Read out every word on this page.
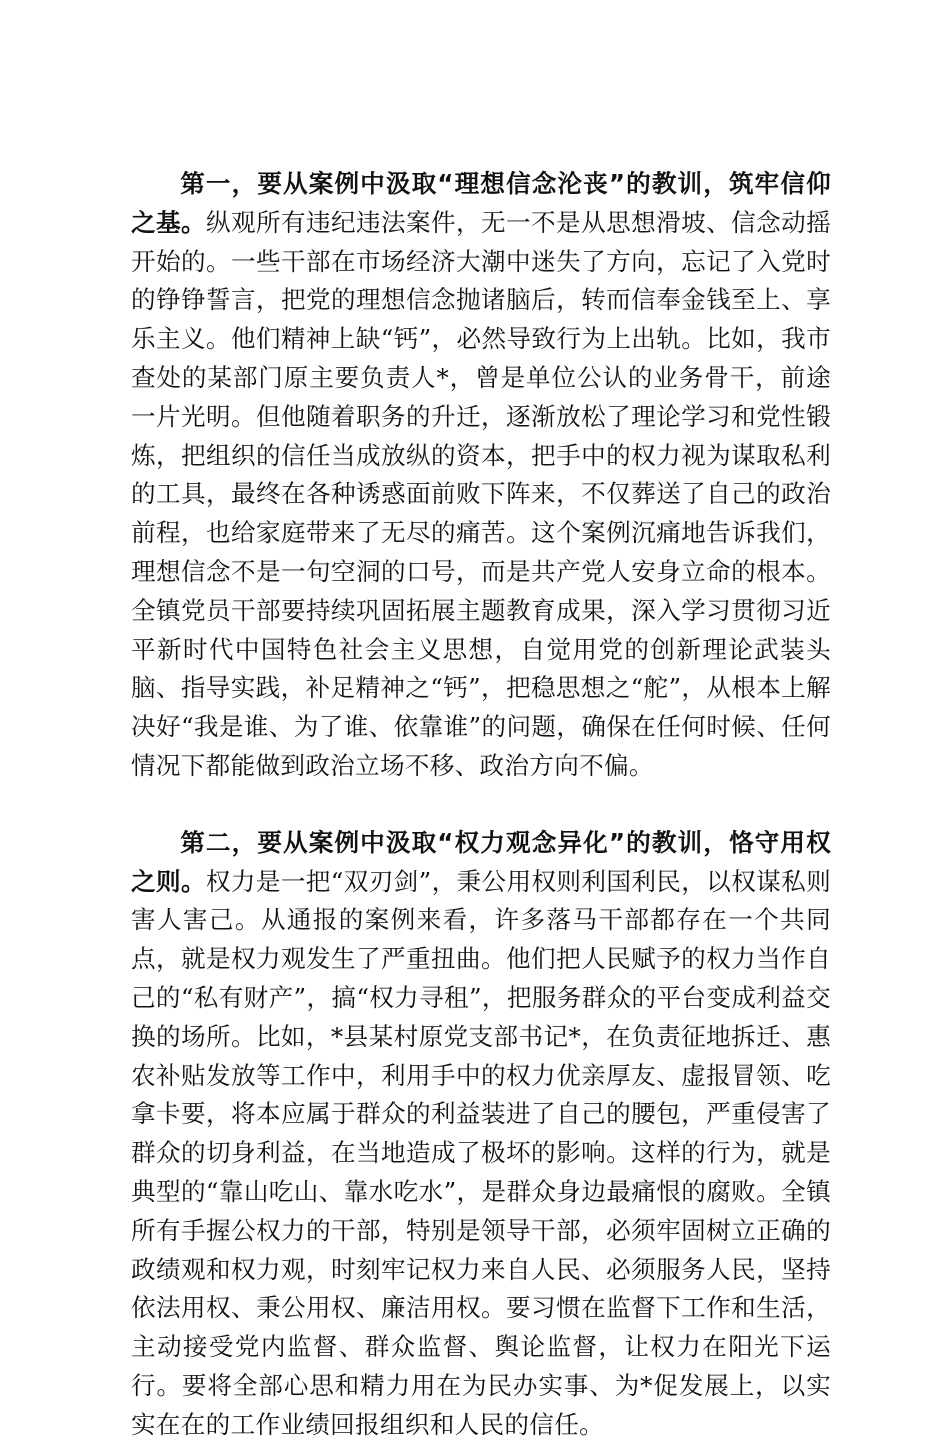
第一，要从案例中汲取“理想信念沦丧”的教训，筑牢信仰之基。纵观所有违纪违法案件，无一不是从思想滑坡、信念动摇开始的。一些干部在市场经济大潮中迷失了方向，忘记了入党时的铮铮誓言，把党的理想信念抛诸脑后，转而信奉金钱至上、享乐主义。他们精神上缺“钙”，必然导致行为上出轨。比如，我市查处的某部门原主要负责人*，曾是单位公认的业务骨干，前途一片光明。但他随着职务的升迁，逐渐放松了理论学习和党性锻炼，把组织的信任当成放纵的资本，把手中的权力视为谋取私利的工具，最终在各种诱惑面前败下阵来，不仅葬送了自己的政治前程，也给家庭带来了无尽的痛苦。这个案例沉痛地告诉我们，理想信念不是一句空洞的口号，而是共产党人安身立命的根本。全镇党员干部要持续巩固拓展主题教育成果，深入学习贯彻习近平新时代中国特色社会主义思想，自觉用党的创新理论武装头脑、指导实践，补足精神之“钙”，把稳思想之“舵”，从根本上解决好“我是谁、为了谁、依靠谁”的问题，确保在任何时候、任何情况下都能做到政治立场不移、政治方向不偏。

第二，要从案例中汲取“权力观念异化”的教训，恪守用权之则。权力是一把“双刃剑”，秉公用权则利国利民，以权谋私则害人害己。从通报的案例来看，许多落马干部都存在一个共同点，就是权力观发生了严重扭曲。他们把人民赋予的权力当作自己的“私有财产”，搞“权力寻租”，把服务群众的平台变成利益交换的场所。比如，*县某村原党支部书记*，在负责征地拆迁、惠农补贴发放等工作中，利用手中的权力优亲厚友、虚报冒领、吃拿卡要，将本应属于群众的利益装进了自己的腰包，严重侵害了群众的切身利益，在当地造成了极坏的影响。这样的行为，就是典型的“靠山吃山、靠水吃水”，是群众身边最痛恨的腐败。全镇所有手握公权力的干部，特别是领导干部，必须牢固树立正确的政绩观和权力观，时刻牢记权力来自人民、必须服务人民，坚持依法用权、秉公用权、廉洁用权。要习惯在监督下工作和生活，主动接受党内监督、群众监督、舆论监督，让权力在阳光下运行。要将全部心思和精力用在为民办实事、为*促发展上，以实实在在的工作业绩回报组织和人民的信任。
